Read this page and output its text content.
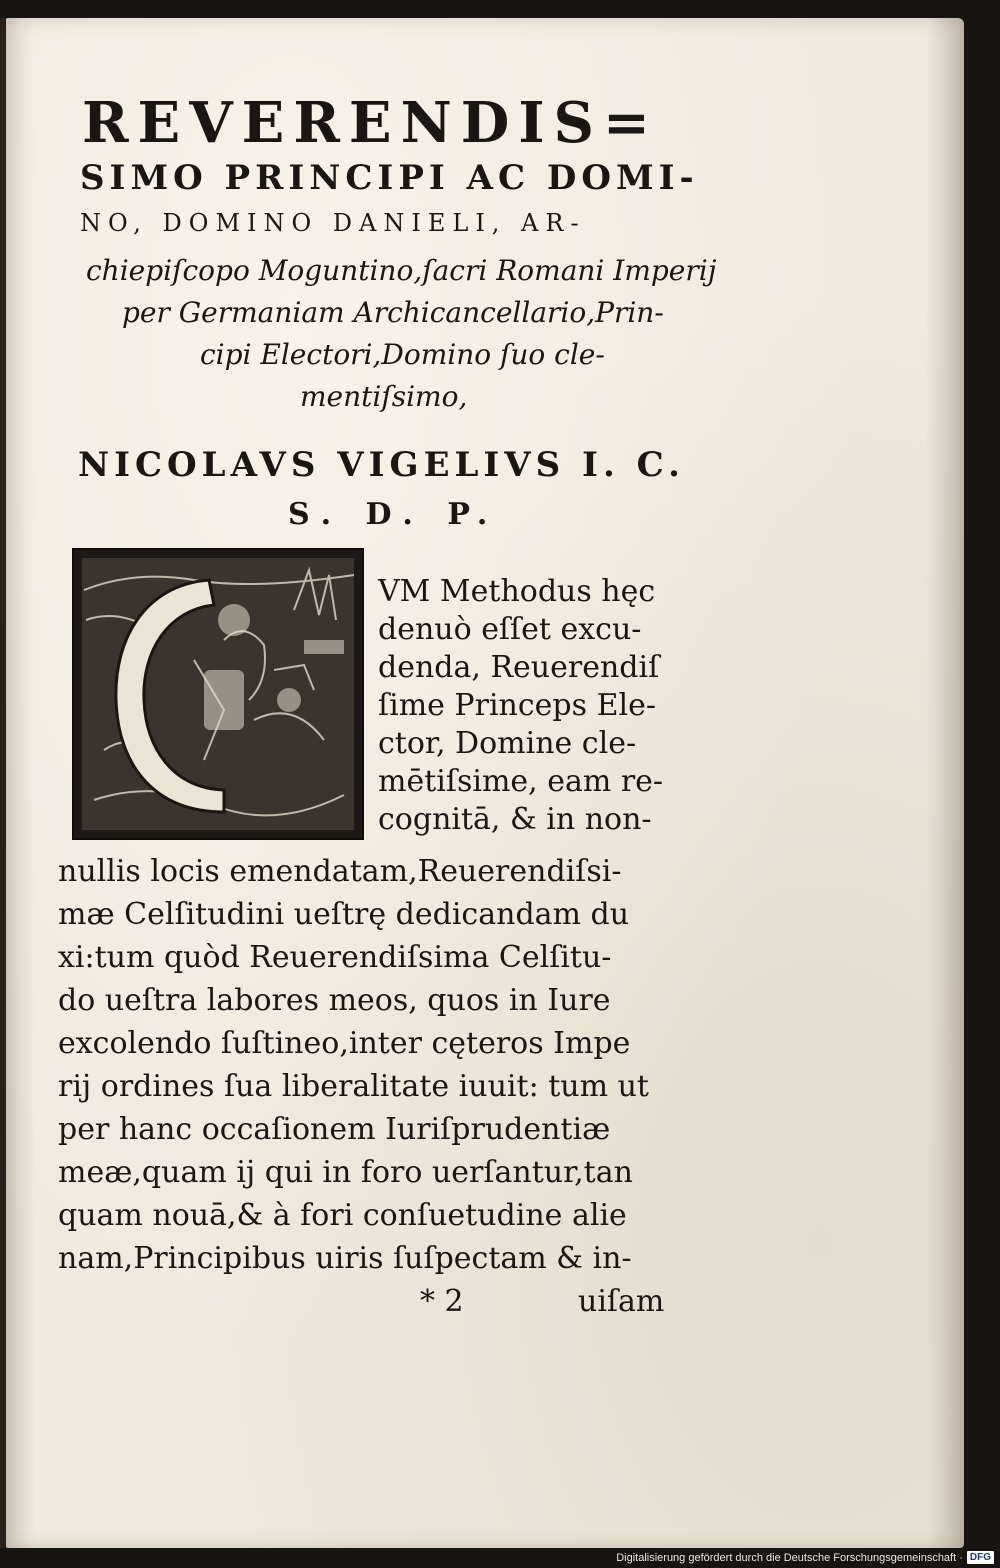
REVERENDIS=
SIMO PRINCIPI AC DOMI-
NO, DOMINO DANIELI, AR-
chiepiſcopo Moguntino,ſacri Romani Imperij
per Germaniam Archicancellario,Prin-
cipi Electori,Domino ſuo cle-
mentiſsimo,
NICOLAVS VIGELIVS I. C.
S. D. P.
C
VM Methodus hęc
denuò eſſet excu-
denda, Reuerendiſ
ſime Princeps Ele-
ctor, Domine cle-
mētiſsime, eam re-
cognitā, & in non-
nullis locis emendatam,Reuerendiſsi-
mæ Celſitudini ueſtrę dedicandam du
xi:tum quòd Reuerendiſsima Celſitu-
do ueſtra labores meos, quos in Iure
excolendo ſuſtineo,inter cęteros Impe
rij ordines ſua liberalitate iuuit: tum ut
per hanc occaſionem Iuriſprudentiæ
meæ,quam ij qui in foro uerſantur,tan
quam nouā,& à fori conſuetudine alie
nam,Principibus uiris ſuſpectam & in-
* 2	uiſam
Digitalisierung gefördert durch die Deutsche Forschungsgemeinschaft · DFG
